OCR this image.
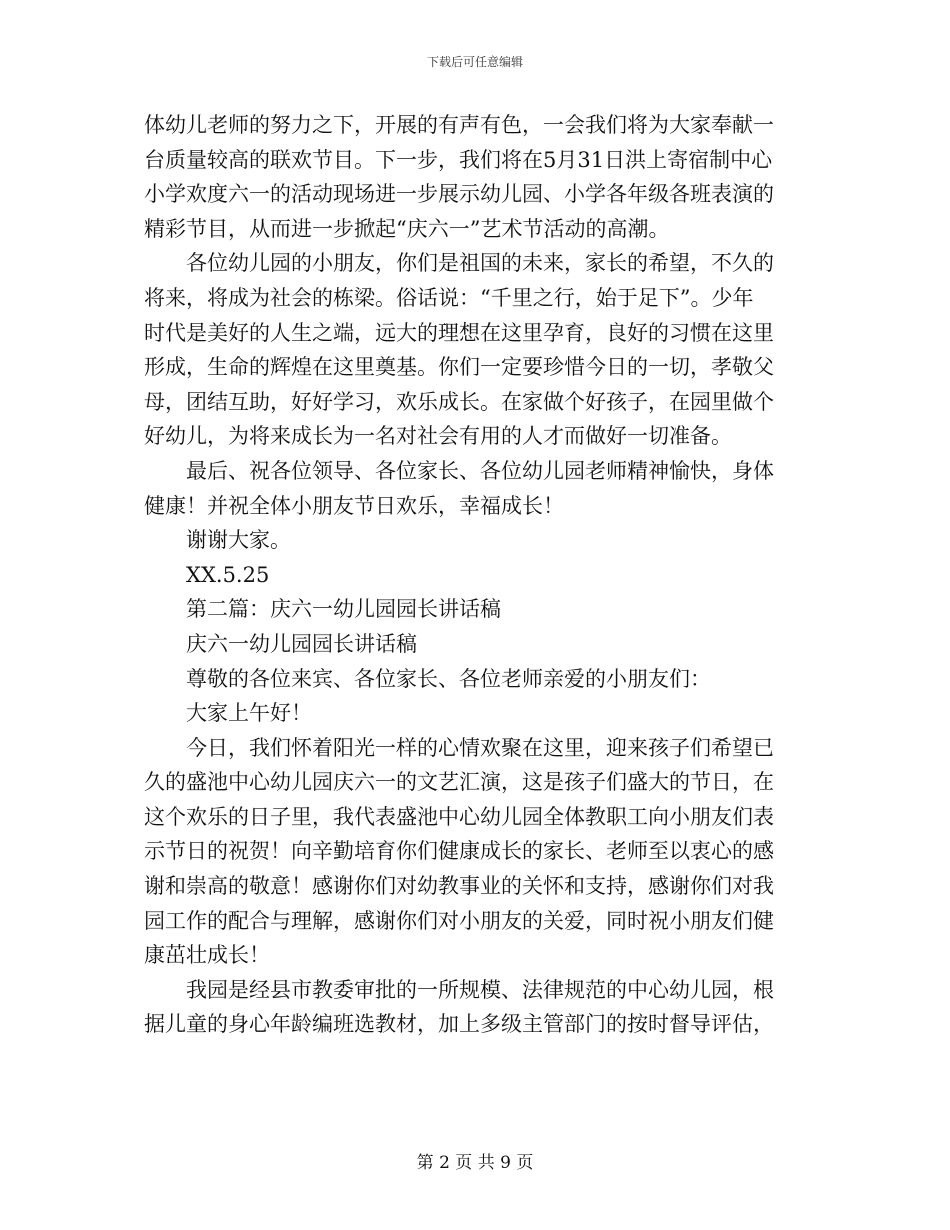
下载后可任意编辑
体幼儿老师的努力之下，开展的有声有色，一会我们将为大家奉献一
台质量较高的联欢节目。下一步，我们将在5月31日洪上寄宿制中心
小学欢度六一的活动现场进一步展示幼儿园、小学各年级各班表演的
精彩节目，从而进一步掀起“庆六一”艺术节活动的高潮。
各位幼儿园的小朋友，你们是祖国的未来，家长的希望，不久的
将来，将成为社会的栋梁。俗话说：“千里之行，始于足下”。少年
时代是美好的人生之端，远大的理想在这里孕育，良好的习惯在这里
形成，生命的辉煌在这里奠基。你们一定要珍惜今日的一切，孝敬父
母，团结互助，好好学习，欢乐成长。在家做个好孩子，在园里做个
好幼儿，为将来成长为一名对社会有用的人才而做好一切准备。
最后、祝各位领导、各位家长、各位幼儿园老师精神愉快，身体
健康！并祝全体小朋友节日欢乐，幸福成长！
谢谢大家。
XX.5.25
第二篇：庆六一幼儿园园长讲话稿
庆六一幼儿园园长讲话稿
尊敬的各位来宾、各位家长、各位老师亲爱的小朋友们：
大家上午好！
今日，我们怀着阳光一样的心情欢聚在这里，迎来孩子们希望已
久的盛池中心幼儿园庆六一的文艺汇演，这是孩子们盛大的节日，在
这个欢乐的日子里，我代表盛池中心幼儿园全体教职工向小朋友们表
示节日的祝贺！向辛勤培育你们健康成长的家长、老师至以衷心的感
谢和崇高的敬意！感谢你们对幼教事业的关怀和支持，感谢你们对我
园工作的配合与理解，感谢你们对小朋友的关爱，同时祝小朋友们健
康茁壮成长！
我园是经县市教委审批的一所规模、法律规范的中心幼儿园，根
据儿童的身心年龄编班选教材，加上多级主管部门的按时督导评估，
第 2 页 共 9 页
